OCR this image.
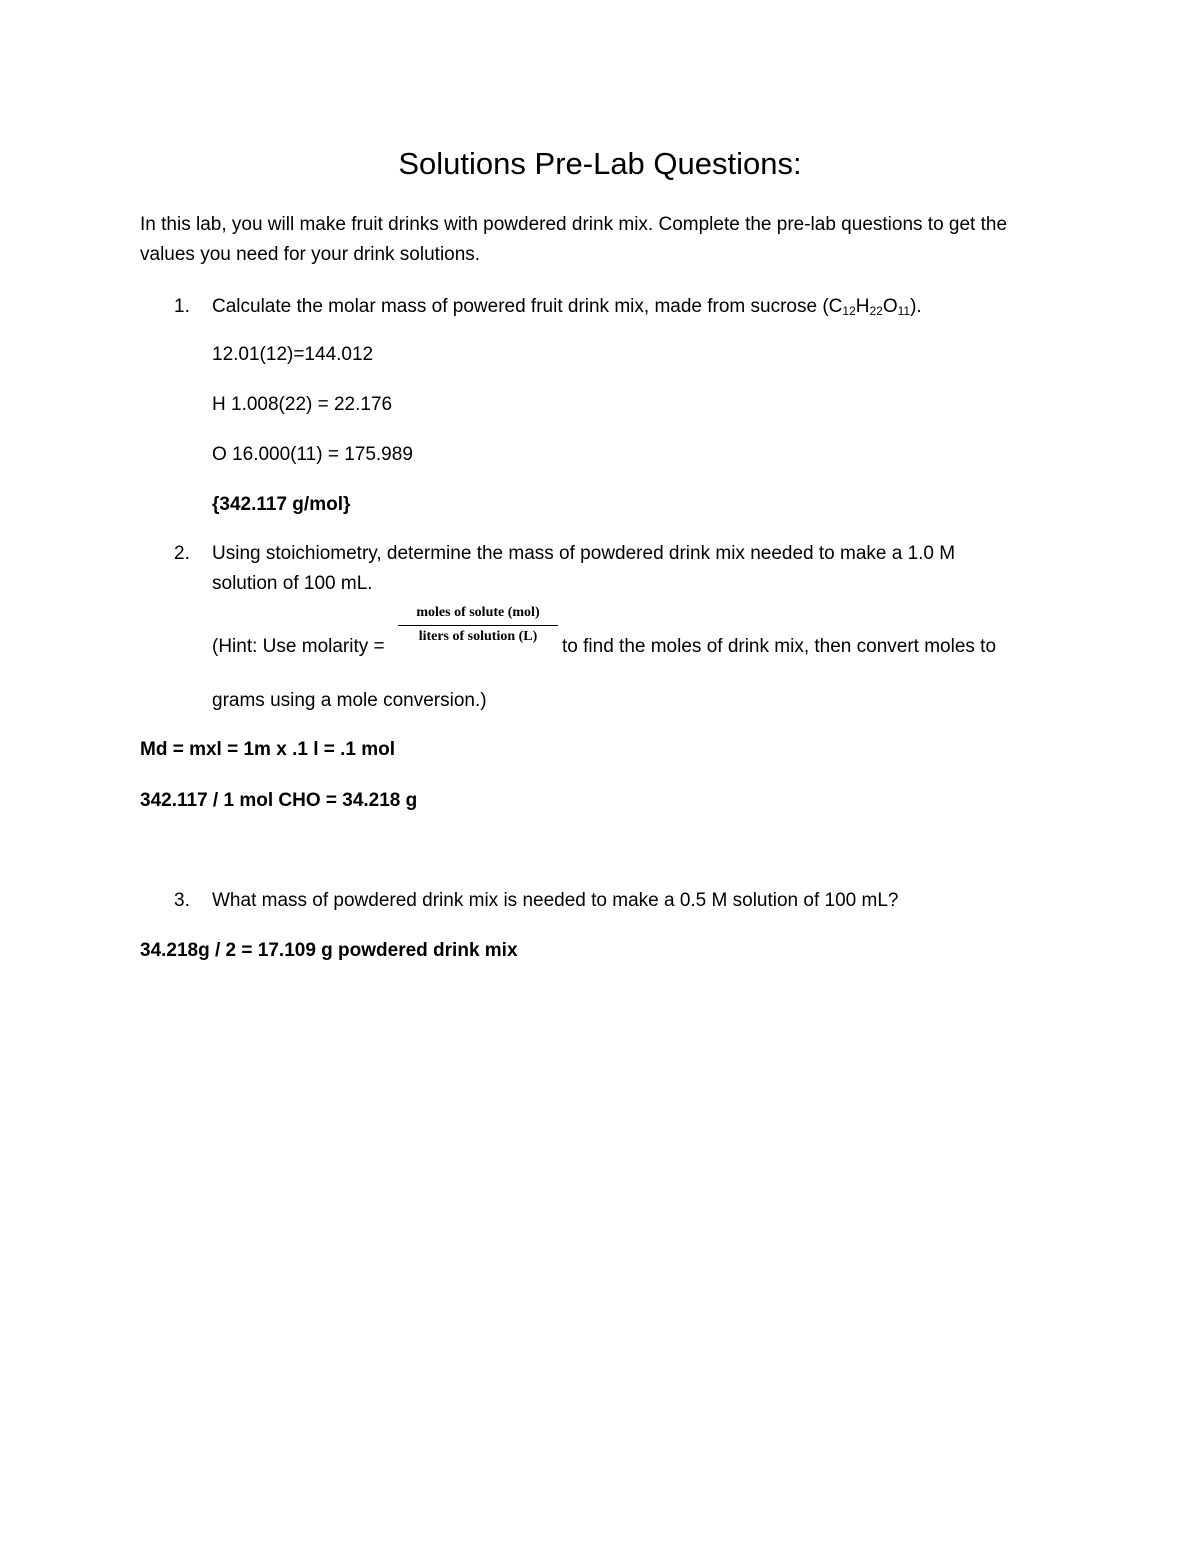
Solutions Pre-Lab Questions:
In this lab, you will make fruit drinks with powdered drink mix. Complete the pre-lab questions to get the
values you need for your drink solutions.
1. Calculate the molar mass of powered fruit drink mix, made from sucrose $(C_{12}H_{22}O_{11})$.
12.01(12)=144.012
H 1.008(22) = 22.176
O 16.000(11) = 175.989
{342.117 g/mol}
2. Using stoichiometry, determine the mass of powdered drink mix needed to make a 1.0 M
solution of 100 mL.
(Hint: Use molarity =
moles of solute (mol)
liters of solution (L)	to find the moles of drink mix, then convert moles to
grams using a mole conversion.)
Md = mxl = 1m x .1 l = .1 mol
342.117 / 1 mol CHO = 34.218 g
3. What mass of powdered drink mix is needed to make a 0.5 M solution of 100 mL?
34.218g / 2 = 17.109 g powdered drink mix
